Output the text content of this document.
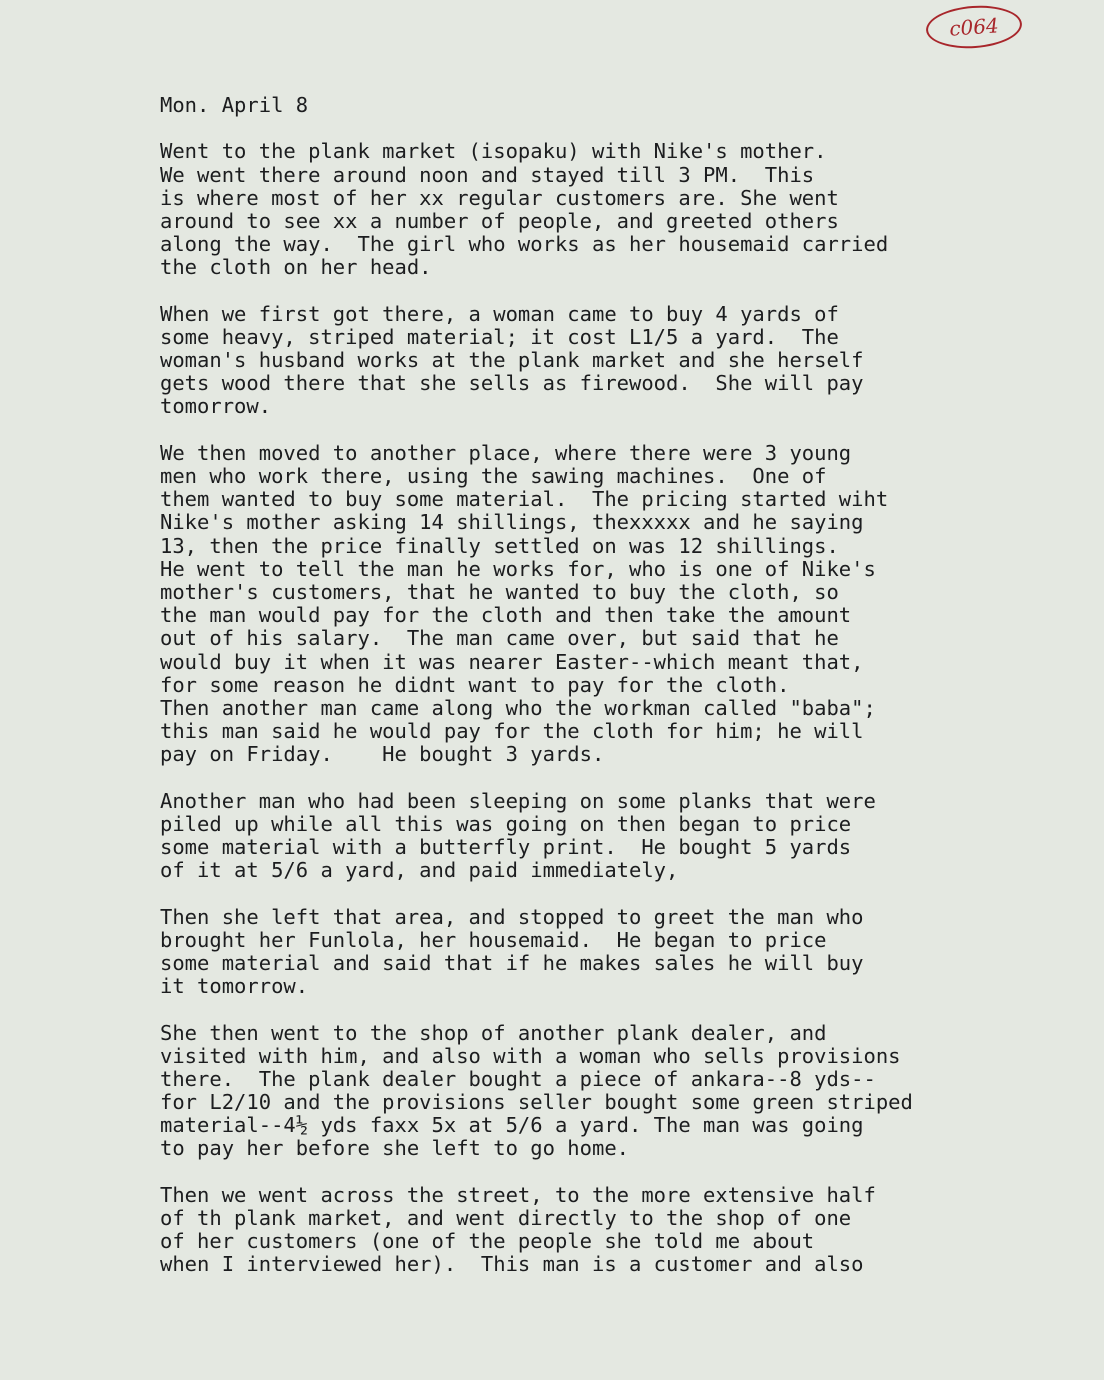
c064
Mon. April 8
Went to the plank market (isopaku) with Nike's mother.
We went there around noon and stayed till 3 PM.  This
is where most of her xx regular customers are. She went
around to see xx a number of people, and greeted others
along the way.  The girl who works as her housemaid carried
the cloth on her head.
When we first got there, a woman came to buy 4 yards of
some heavy, striped material; it cost L1/5 a yard.  The
woman's husband works at the plank market and she herself
gets wood there that she sells as firewood.  She will pay
tomorrow.
We then moved to another place, where there were 3 young
men who work there, using the sawing machines.  One of
them wanted to buy some material.  The pricing started wiht
Nike's mother asking 14 shillings, thexxxxx and he saying
13, then the price finally settled on was 12 shillings.
He went to tell the man he works for, who is one of Nike's
mother's customers, that he wanted to buy the cloth, so
the man would pay for the cloth and then take the amount
out of his salary.  The man came over, but said that he
would buy it when it was nearer Easter--which meant that,
for some reason he didnt want to pay for the cloth.
Then another man came along who the workman called "baba";
this man said he would pay for the cloth for him; he will
pay on Friday.    He bought 3 yards.
Another man who had been sleeping on some planks that were
piled up while all this was going on then began to price
some material with a butterfly print.  He bought 5 yards
of it at 5/6 a yard, and paid immediately,
Then she left that area, and stopped to greet the man who
brought her Funlola, her housemaid.  He began to price
some material and said that if he makes sales he will buy
it tomorrow.
She then went to the shop of another plank dealer, and
visited with him, and also with a woman who sells provisions
there.  The plank dealer bought a piece of ankara--8 yds--
for L2/10 and the provisions seller bought some green striped
material--4½ yds faxx 5x at 5/6 a yard. The man was going
to pay her before she left to go home.
Then we went across the street, to the more extensive half
of th plank market, and went directly to the shop of one
of her customers (one of the people she told me about
when I interviewed her).  This man is a customer and also
